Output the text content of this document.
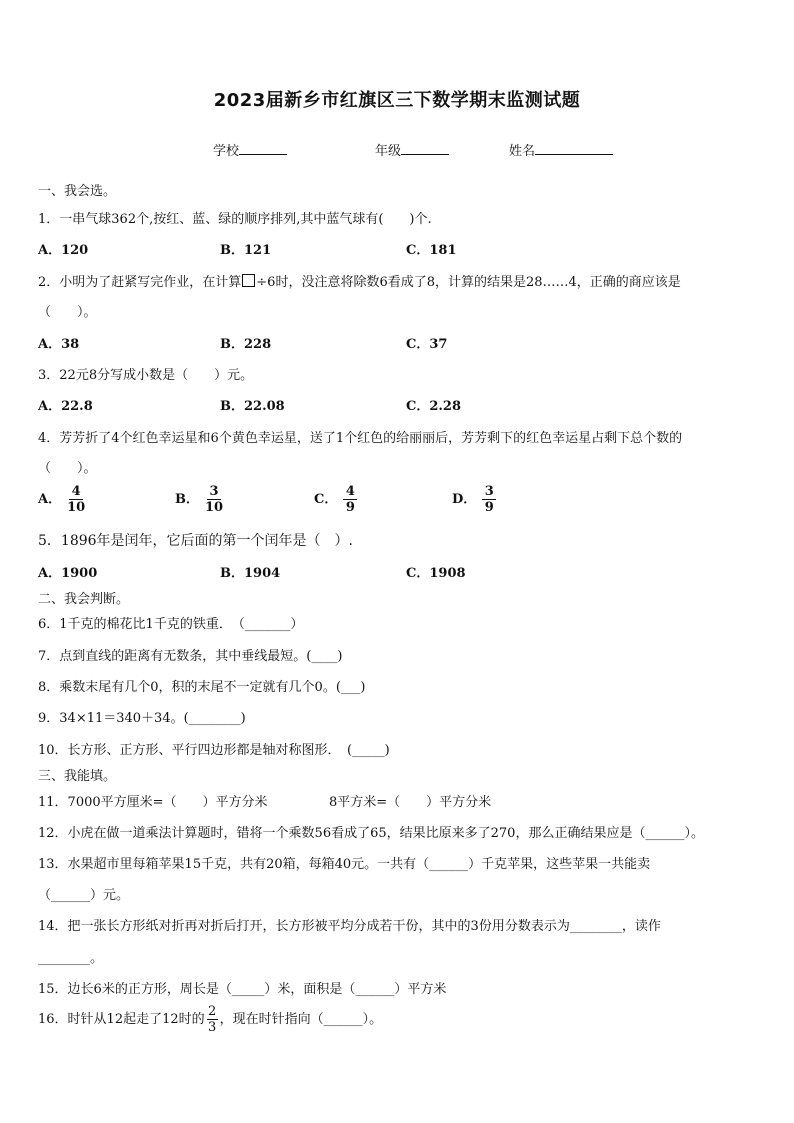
2023届新乡市红旗区三下数学期末监测试题
学校	年级	姓名
一、我会选。
1．一串气球362个,按红、蓝、绿的顺序排列,其中蓝气球有(　　)个.
A．120	B．121	C．181
2．小明为了赶紧写完作业，在计算 ÷6时，没注意将除数6看成了8，计算的结果是28……4，正确的商应该是
（　　）。
A．38	B．228	C．37
3．22元8分写成小数是（　　）元。
A．22.8	B．22.08	C．2.28
4．芳芳折了4个红色幸运星和6个黄色幸运星，送了1个红色的给丽丽后，芳芳剩下的红色幸运星占剩下总个数的
（　　）。
A． $\frac{4}{10}$	B． $\frac{3}{10}$	C． $\frac{4}{9}$	D． $\frac{3}{9}$
5．1896年是闰年，它后面的第一个闰年是（　）.
A．1900	B．1904	C．1908
二、我会判断。
6．1千克的棉花比1千克的铁重．　（_______）
7．点到直线的距离有无数条，其中垂线最短。(____)
8．乘数末尾有几个0，积的末尾不一定就有几个0。(___)
9．34×11＝340＋34。(________)
10．长方形、正方形、平行四边形都是轴对称图形．　(_____)
三、我能填。
11．7000平方厘米=（　　）平方分米	8平方米=（　　）平方分米
12．小虎在做一道乘法计算题时，错将一个乘数56看成了65，结果比原来多了270，那么正确结果应是（______）。
13．水果超市里每箱苹果15千克，共有20箱，每箱40元。一共有（______）千克苹果，这些苹果一共能卖
（______）元。
14．把一张长方形纸对折再对折后打开，长方形被平均分成若干份，其中的3份用分数表示为________，读作
________。
15．边长6米的正方形，周长是（_____）米，面积是（______）平方米
16．时针从12起走了12时的 $\frac{2}{3}$ ，现在时针指向（______）。
